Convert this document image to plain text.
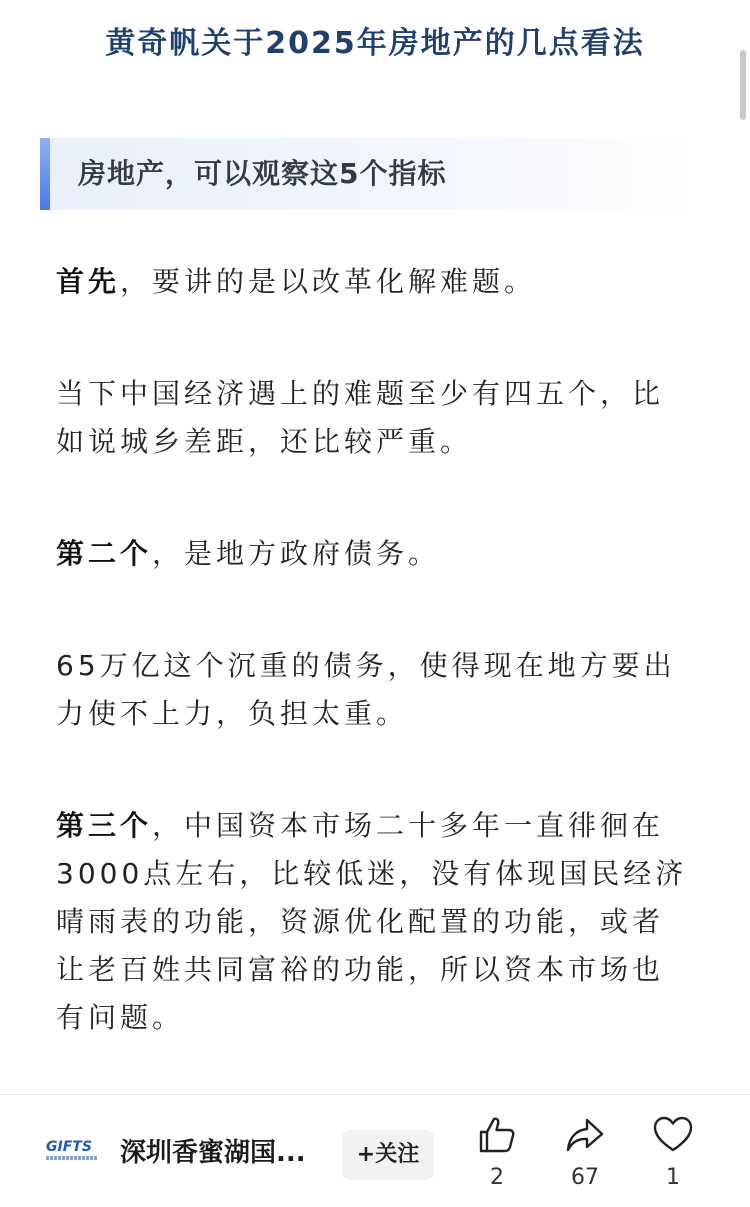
黄奇帆关于2025年房地产的几点看法
房地产，可以观察这5个指标

首先，要讲的是以改革化解难题。

当下中国经济遇上的难题至少有四五个，比如说城乡差距，还比较严重。

第二个，是地方政府债务。

65万亿这个沉重的债务，使得现在地方要出力使不上力，负担太重。

第三个，中国资本市场二十多年一直徘徊在3000点左右，比较低迷，没有体现国民经济晴雨表的功能，资源优化配置的功能，或者让老百姓共同富裕的功能，所以资本市场也有问题。

GIFTS 深圳香蜜湖国...	+关注
2	67	1
